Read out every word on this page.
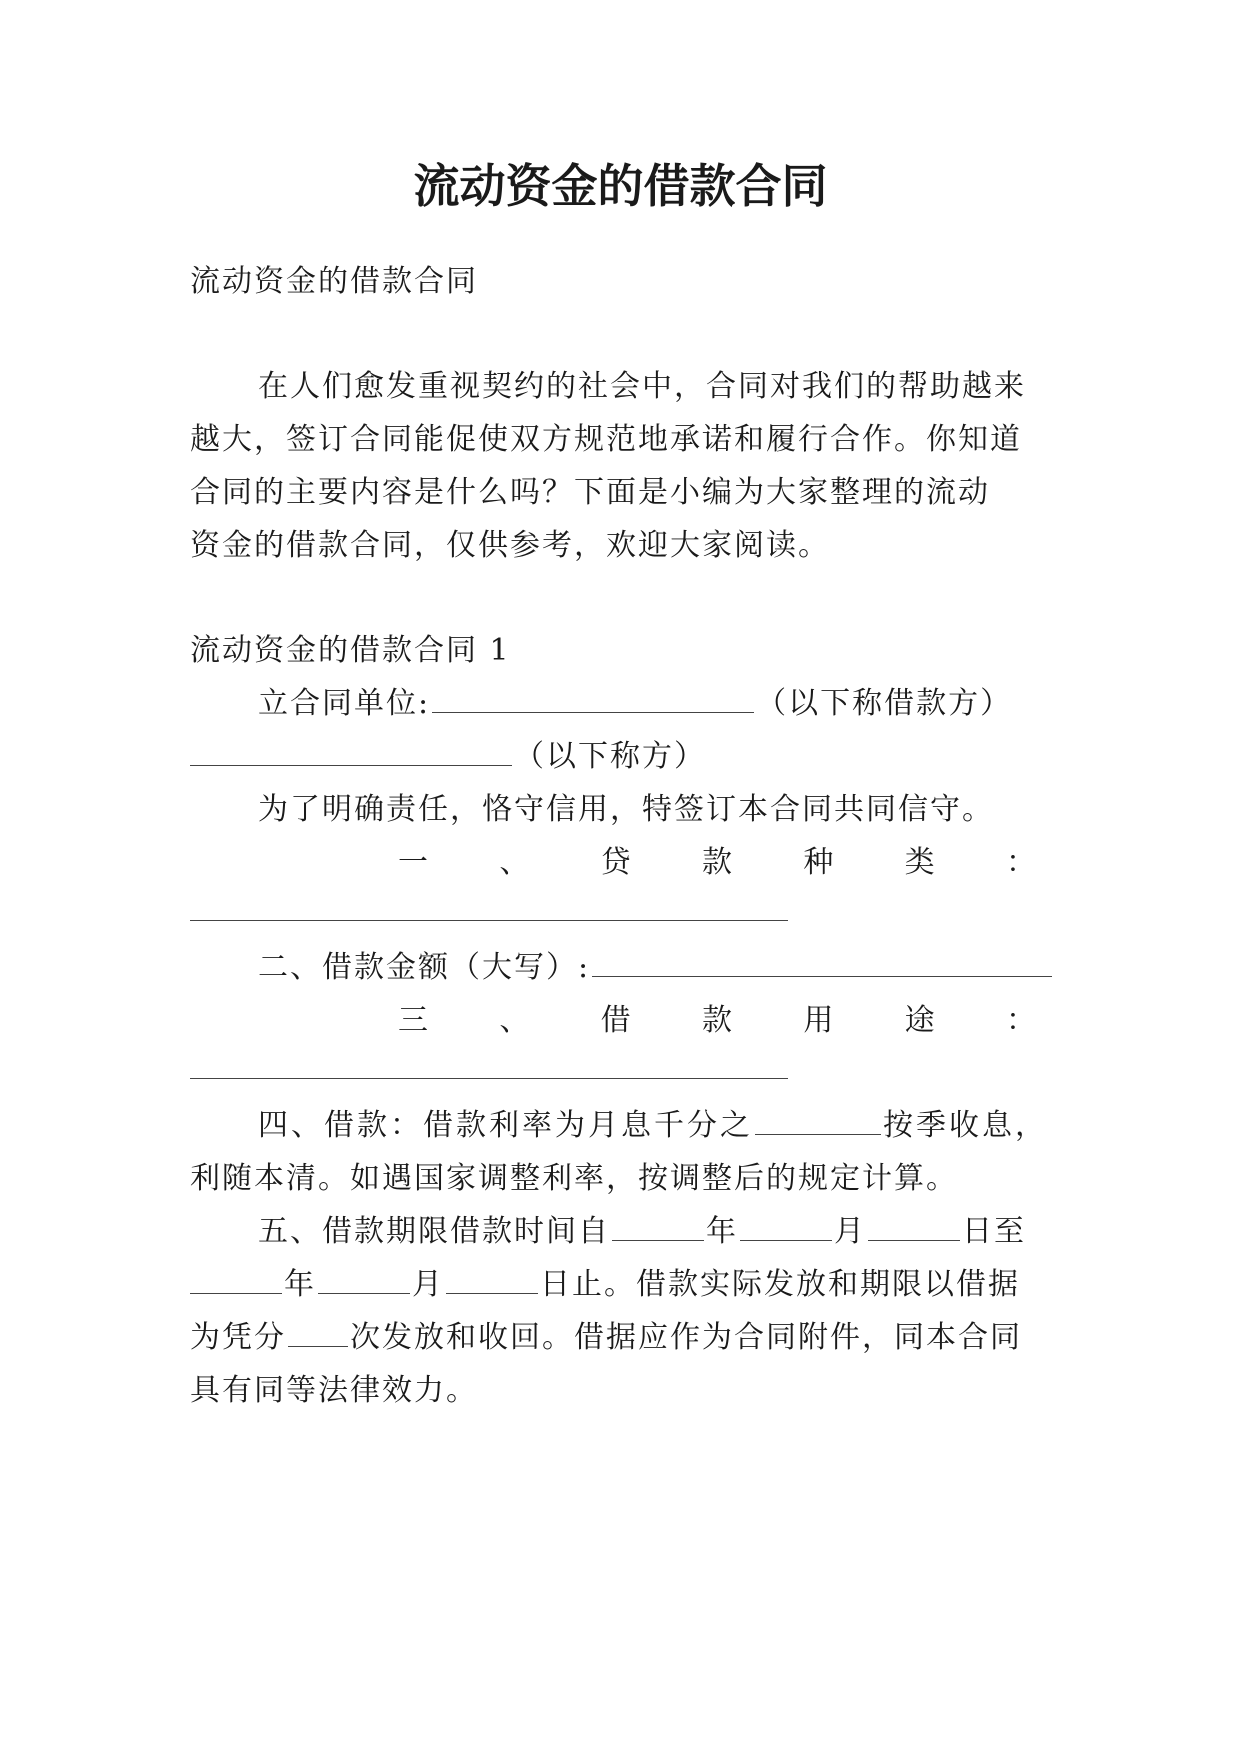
流动资金的借款合同
流动资金的借款合同
在人们愈发重视契约的社会中，合同对我们的帮助越来
越大，签订合同能促使双方规范地承诺和履行合作。你知道
合同的主要内容是什么吗？下面是小编为大家整理的流动
资金的借款合同，仅供参考，欢迎大家阅读。
流动资金的借款合同 1
立合同单位:	（以下称借款方）
（以下称方）
为了明确责任，恪守信用，特签订本合同共同信守。
一 、 贷 款 种 类 ：
二、借款金额（大写）:
三 、 借 款 用 途 ：
四、借款：借款利率为月息千分之	按季收息，
利随本清。如遇国家调整利率，按调整后的规定计算。
五、借款期限借款时间自	年	月	日至
年	月	日止。借款实际发放和期限以借据
为凭分 次发放和收回。借据应作为合同附件，同本合同
具有同等法律效力。
